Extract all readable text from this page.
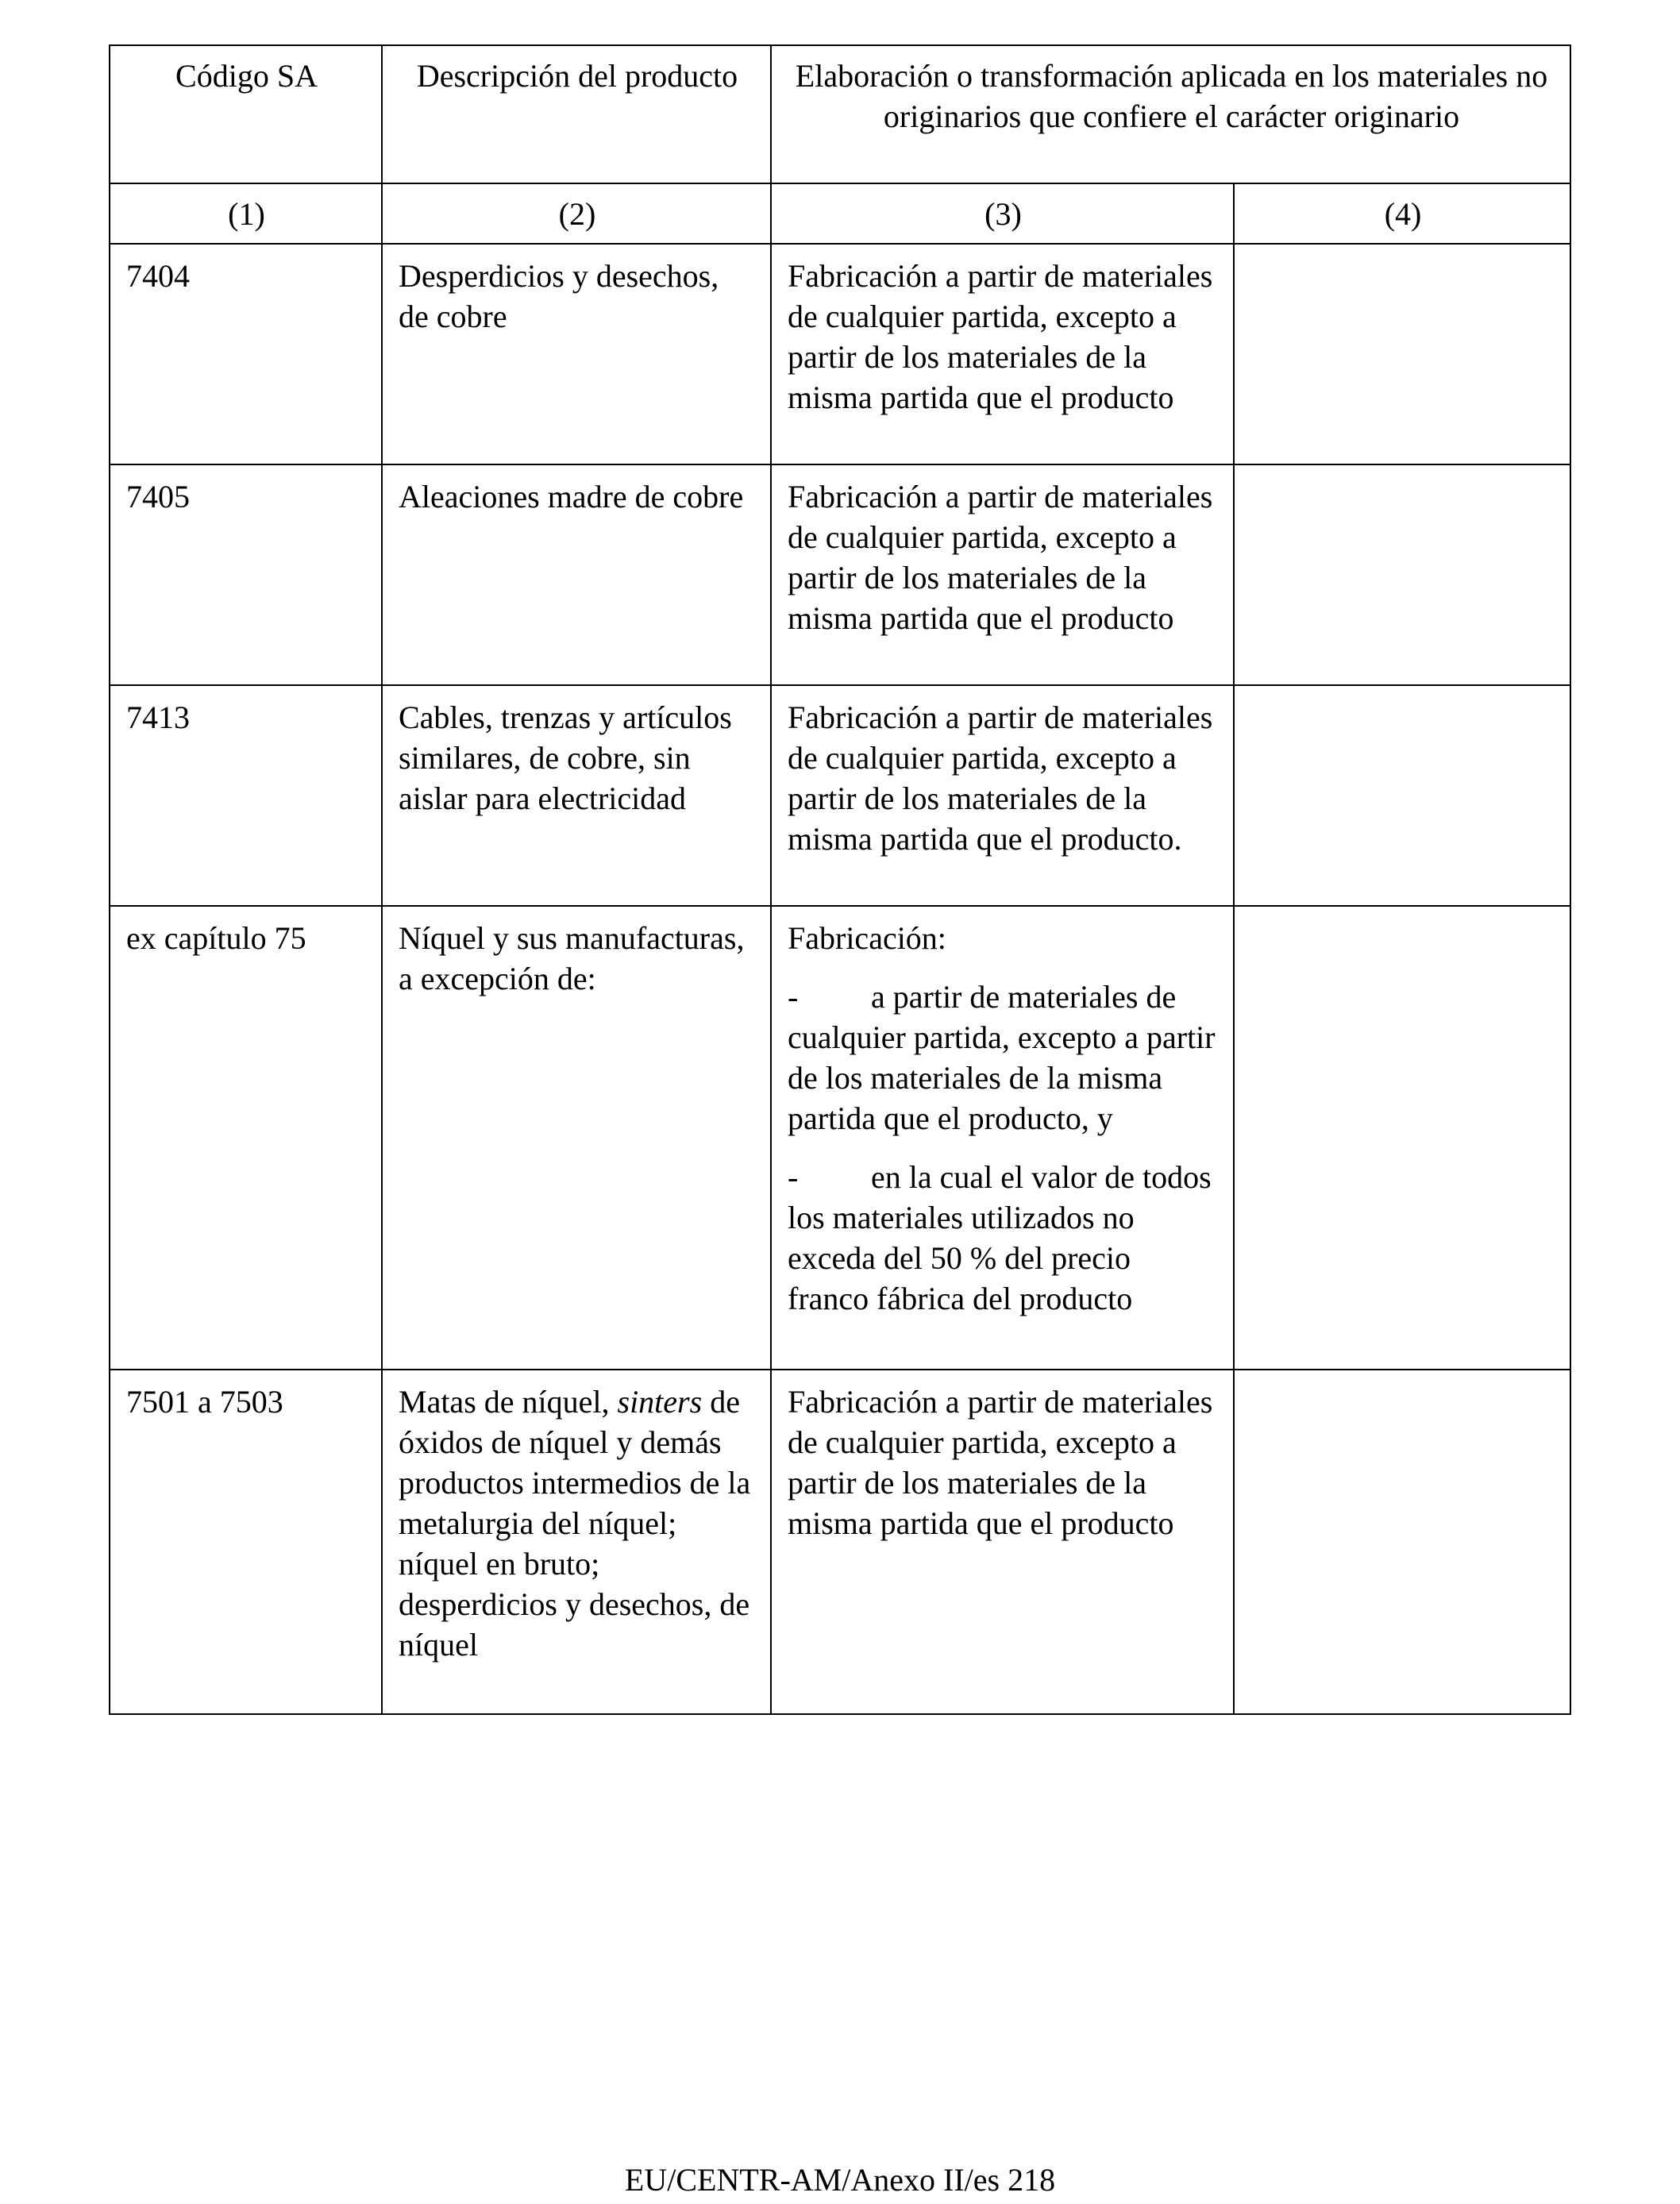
Código SA	Descripción del producto	Elaboración o transformación aplicada en los materiales no originarios que confiere el carácter originario	
(1)	(2)	(3)	(4)
7404	Desperdicios y desechos, de cobre	Fabricación a partir de materiales de cualquier partida, excepto a partir de los materiales de la misma partida que el producto	
7405	Aleaciones madre de cobre	Fabricación a partir de materiales de cualquier partida, excepto a partir de los materiales de la misma partida que el producto	
7413	Cables, trenzas y artículos similares, de cobre, sin aislar para electricidad	Fabricación a partir de materiales de cualquier partida, excepto a partir de los materiales de la misma partida que el producto.	
ex capítulo 75	Níquel y sus manufacturas, a excepción de:	Fabricación:

- a partir de materiales de cualquier partida, excepto a partir de los materiales de la misma partida que el producto, y

- en la cual el valor de todos los materiales utilizados no exceda del 50 % del precio franco fábrica del producto	

7501 a 7503	Matas de níquel, sinters de óxidos de níquel y demás productos intermedios de la metalurgia del níquel; níquel en bruto; desperdicios y desechos, de níquel	Fabricación a partir de materiales de cualquier partida, excepto a partir de los materiales de la misma partida que el producto	
EU/CENTR-AM/Anexo II/es 218
